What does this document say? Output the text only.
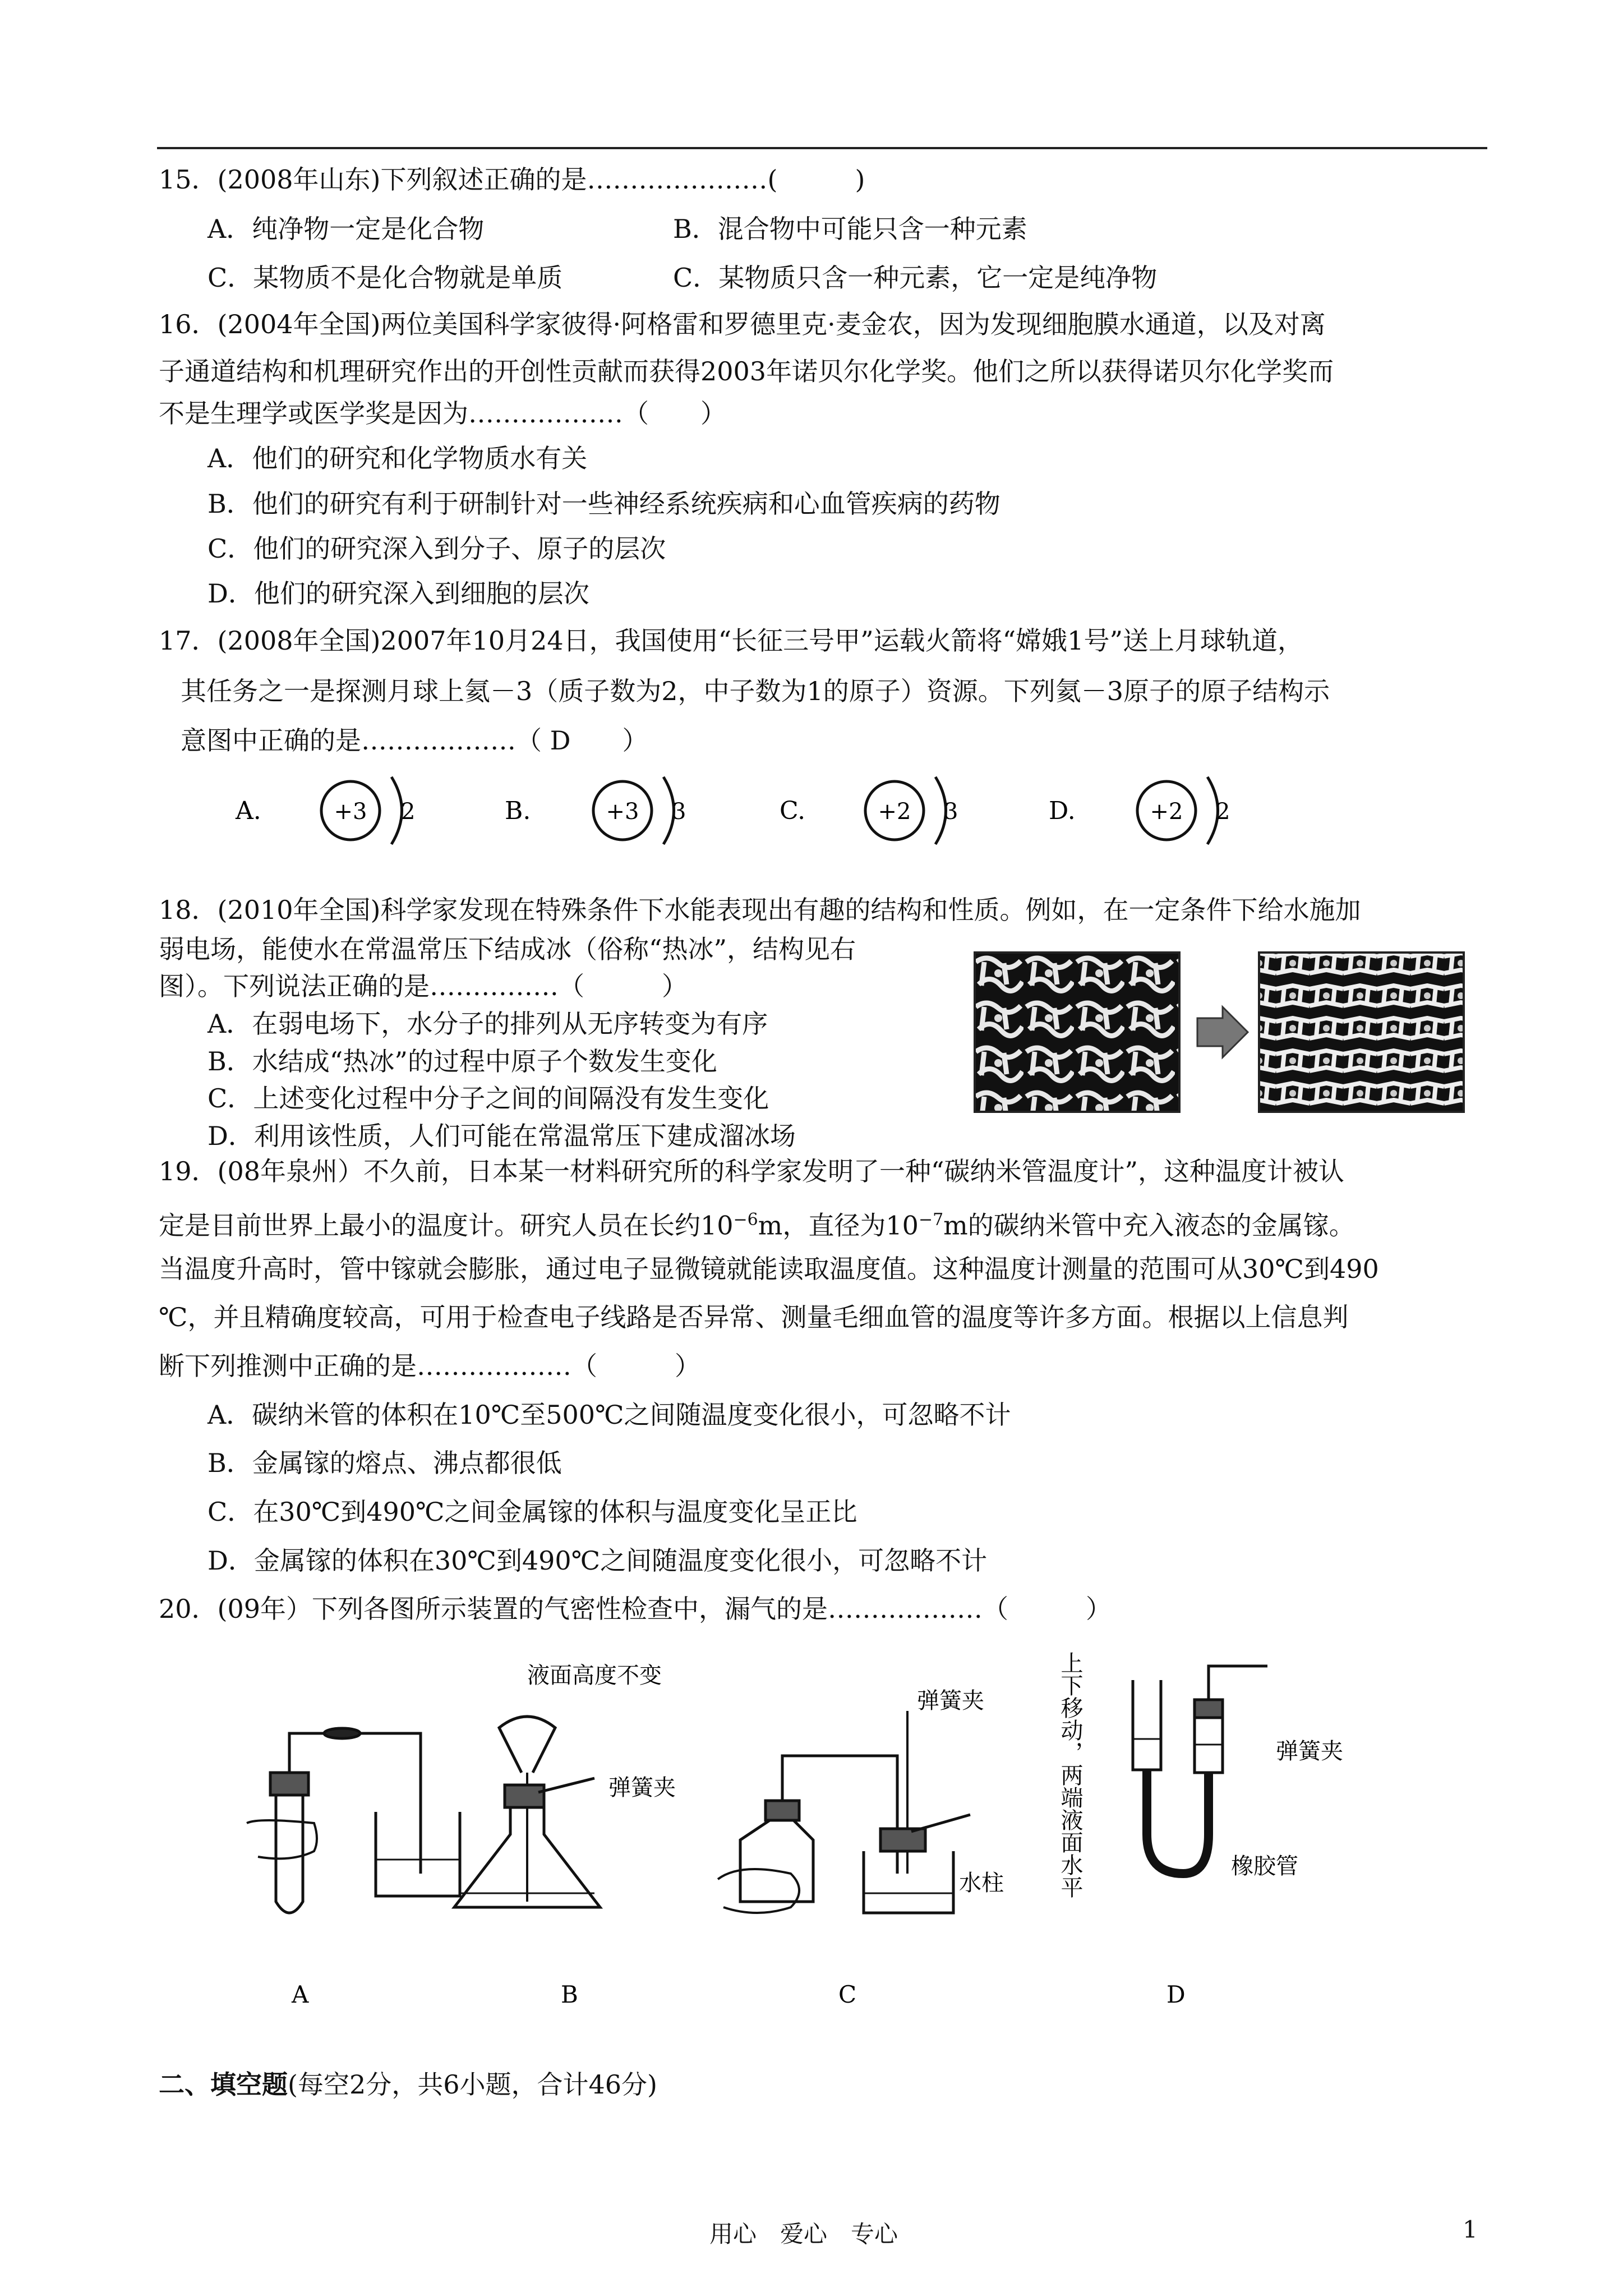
15．(2008年山东)下列叙述正确的是…………………(　　　)
A．纯净物一定是化合物	B．混合物中可能只含一种元素
C．某物质不是化合物就是单质	C．某物质只含一种元素，它一定是纯净物
16．(2004年全国)两位美国科学家彼得·阿格雷和罗德里克·麦金农，因为发现细胞膜水通道，以及对离
子通道结构和机理研究作出的开创性贡献而获得2003年诺贝尔化学奖。他们之所以获得诺贝尔化学奖而
不是生理学或医学奖是因为………………（　　）
A．他们的研究和化学物质水有关
B．他们的研究有利于研制针对一些神经系统疾病和心血管疾病的药物
C．他们的研究深入到分子、原子的层次
D．他们的研究深入到细胞的层次
17．(2008年全国)2007年10月24日，我国使用“长征三号甲”运载火箭将“嫦娥1号”送上月球轨道，
其任务之一是探测月球上氦－3（质子数为2，中子数为1的原子）资源。下列氦－3原子的原子结构示
意图中正确的是………………（ D　　）
A.	+3 2	B.	+3 3	C.	+2 3	D.	+2 2
18．(2010年全国)科学家发现在特殊条件下水能表现出有趣的结构和性质。例如，在一定条件下给水施加
弱电场，能使水在常温常压下结成冰（俗称“热冰”，结构见右
图）。下列说法正确的是……………（　　　）
A．在弱电场下，水分子的排列从无序转变为有序
B．水结成“热冰”的过程中原子个数发生变化
C．上述变化过程中分子之间的间隔没有发生变化
D．利用该性质，人们可能在常温常压下建成溜冰场
19．(08年泉州）不久前，日本某一材料研究所的科学家发明了一种“碳纳米管温度计”，这种温度计被认
定是目前世界上最小的温度计。研究人员在长约$10^{-6}m$，直径为$10^{-7}m$的碳纳米管中充入液态的金属镓。
当温度升高时，管中镓就会膨胀，通过电子显微镜就能读取温度值。这种温度计测量的范围可从30℃到490
℃，并且精确度较高，可用于检查电子线路是否异常、测量毛细血管的温度等许多方面。根据以上信息判
断下列推测中正确的是………………（　　　）
A．碳纳米管的体积在10℃至500℃之间随温度变化很小，可忽略不计
B．金属镓的熔点、沸点都很低
C．在30℃到490℃之间金属镓的体积与温度变化呈正比
D．金属镓的体积在30℃到490℃之间随温度变化很小，可忽略不计
20．(09年）下列各图所示装置的气密性检查中，漏气的是………………（　　　）
液面高度不变
弹簧夹
弹簧夹
水柱
弹簧夹
橡胶管
上下移动，两端液面水平
A	B	C	D
二、填空题(每空2分，共6小题，合计46分)
用心　爱心　专心	1
